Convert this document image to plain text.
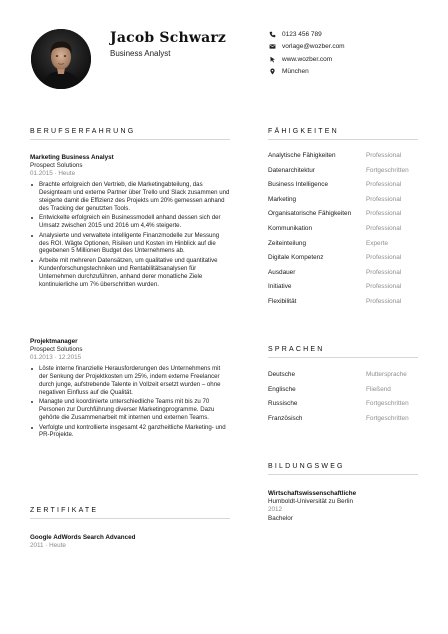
Jacob Schwarz
Business Analyst
0123 456 789
vorlage@wozber.com
www.wozber.com
München
BERUFSERFAHRUNG
Marketing Business Analyst
Prospect Solutions
01.2015 · Heute
Brachte erfolgreich den Vertrieb, die Marketingabteilung, das Designteam und externe Partner über Trello und Slack zusammen und steigerte damit die Effizienz des Projekts um 20% gemessen anhand des Tracking der genutzten Tools.
Entwickelte erfolgreich ein Businessmodell anhand dessen sich der Umsatz zwischen 2015 und 2016 um 4,4% steigerte.
Analysierte und verwaltete intelligente Finanzmodelle zur Messung des ROI. Wägte Optionen, Risiken und Kosten im Hinblick auf die gegebenen 5 Millionen Budget des Unternehmens ab.
Arbeite mit mehreren Datensätzen, um qualitative und quantitative Kundenforschungstechniken und Rentabilitätsanalysen für Unternehmen durchzuführen, anhand derer monatliche Ziele kontinuierliche um 7% überschritten wurden.
Projektmanager
Prospect Solutions
01.2013 · 12.2015
Löste interne finanzielle Herausforderungen des Unternehmens mit der Senkung der Projektkosten um 25%, indem externe Freelancer durch junge, aufstrebende Talente in Vollzeit ersetzt wurden – ohne negativen Einfluss auf die Qualität.
Managte und koordinierte unterschiedliche Teams mit bis zu 70 Personen zur Durchführung diverser Marketingprogramme. Dazu gehörte die Zusammenarbeit mit internen und externen Teams.
Verfolgte und kontrollierte insgesamt 42 ganzheitliche Marketing- und PR-Projekte.
ZERTIFIKATE
Google AdWords Search Advanced
2011 · Heute
FÄHIGKEITEN
Analytische Fähigkeiten	Professional
Datenarchitektur	Fortgeschritten
Business Intelligence	Professional
Marketing	Professional
Organisatorische Fähigkeiten Professional
Kommunikation	Professional
Zeiteinteilung	Experte
Digitale Kompetenz	Professional
Ausdauer	Professional
Initiative	Professional
Flexibilität	Professional
SPRACHEN
Deutsche	Muttersprache
Englische	Fließend
Russische	Fortgeschritten
Französisch	Fortgeschritten
BILDUNGSWEG
Wirtschaftswissenschaftliche
Humboldt-Universität zu Berlin
2012
Bachelor
